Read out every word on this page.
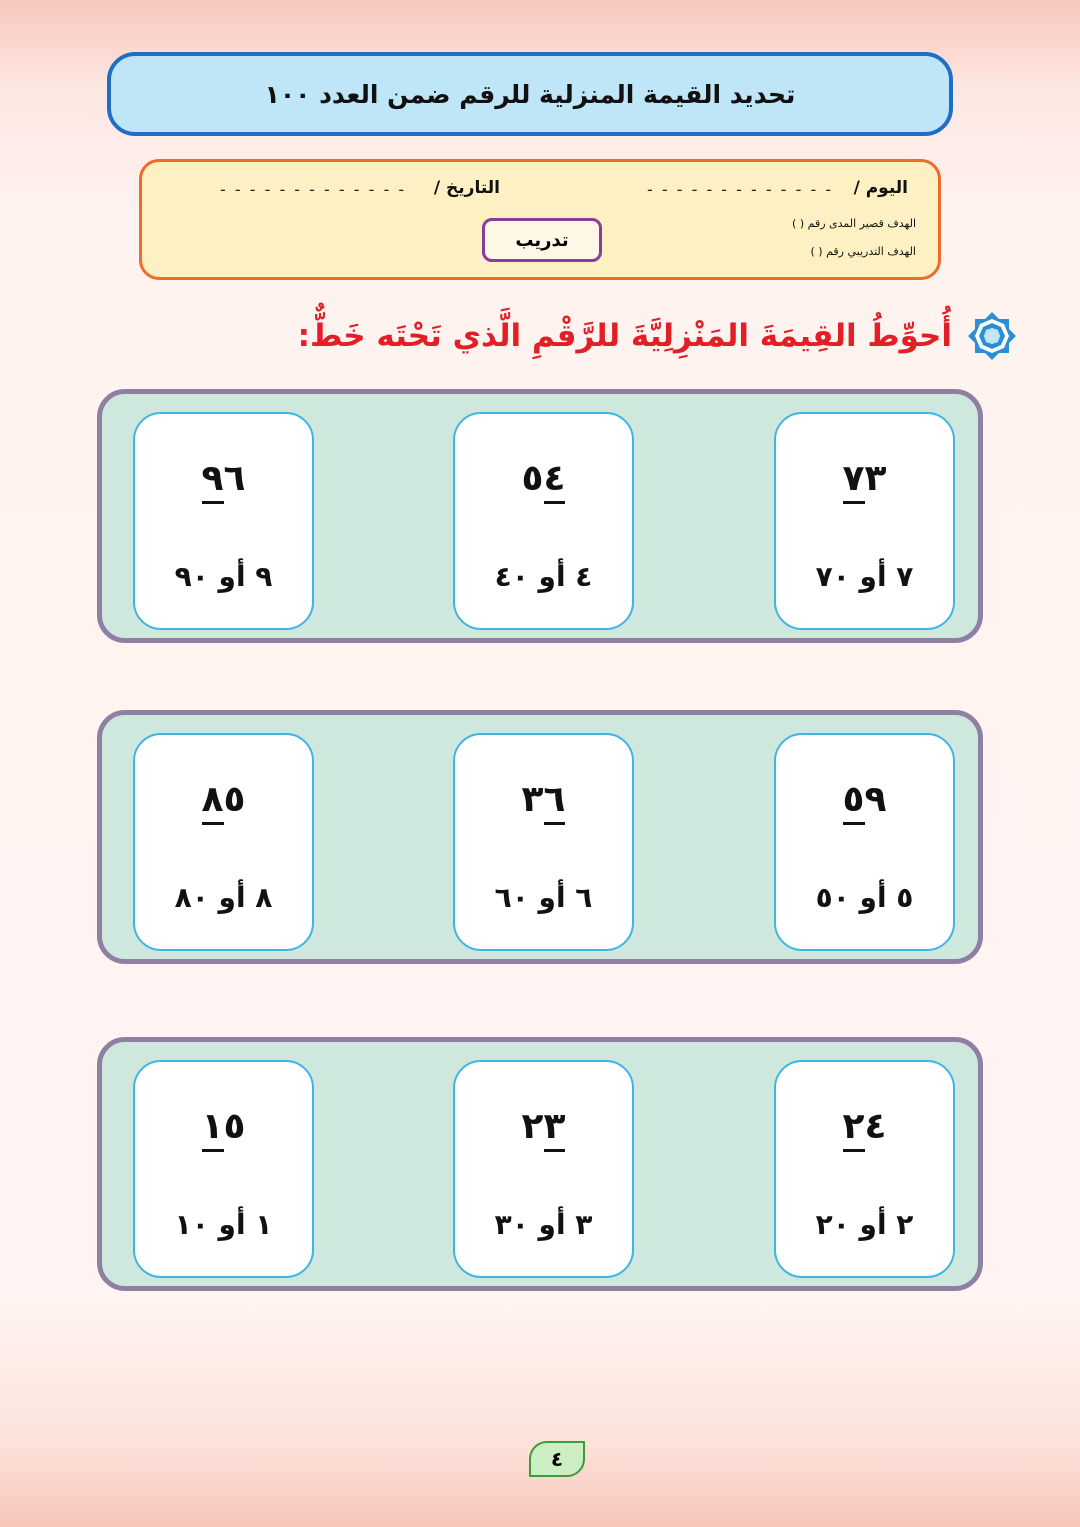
تحديد القيمة المنزلية للرقم ضمن العدد ١٠٠
اليوم /
- - - - - - - - - - - - -
التاريخ /
- - - - - - - - - - - - -
الهدف قصير المدى رقم ( )
الهدف التدريبي رقم ( )
تدريب
أُحوِّطُ القِيمَةَ المَنْزِلِيَّةَ للرَّقْمِ الَّذي تَحْتَه خَطٌّ:
٧٣
٧ أو ٧٠
٥٤
٤ أو ٤٠
٩٦
٩ أو ٩٠
٥٩
٥ أو ٥٠
٣٦
٦ أو ٦٠
٨٥
٨ أو ٨٠
٢٤
٢ أو ٢٠
٢٣
٣ أو ٣٠
١٥
١ أو ١٠
٤
